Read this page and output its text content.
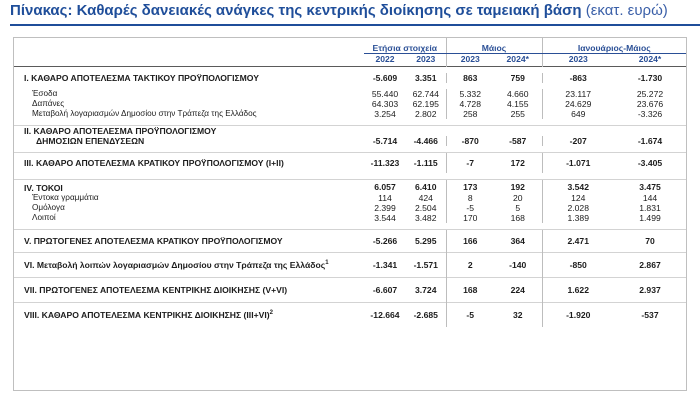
Πίνακας: Καθαρές δανειακές ανάγκες της κεντρικής διοίκησης σε ταμειακή βάση (εκατ. ευρώ)
	Ετήσια στοιχεία		Μάιος		Ιανουάριος-Μάιος	
	2022	2023	2023	2024*	2023	2024*

I. ΚΑΘΑΡΟ ΑΠΟΤΕΛΕΣΜΑ ΤΑΚΤΙΚΟΥ ΠΡΟΫΠΟΛΟΓΙΣΜΟΥ	-5.609	3.351	863	759	-863	-1.730

Έσοδα	55.440	62.744	5.332	4.660	23.117	25.272
Δαπάνες	64.303	62.195	4.728	4.155	24.629	23.676
Μεταβολή λογαριασμών Δημοσίου στην Τράπεζα της Ελλάδος	3.254	2.802	258	255	649	-3.326

II. ΚΑΘΑΡΟ ΑΠΟΤΕΛΕΣΜΑ ΠΡΟΫΠΟΛΟΓΙΣΜΟΥ						
ΔΗΜΟΣΙΩΝ ΕΠΕΝΔΥΣΕΩΝ	-5.714	-4.466	-870	-587	-207	-1.674

III. ΚΑΘΑΡΟ ΑΠΟΤΕΛΕΣΜΑ ΚΡΑΤΙΚΟΥ ΠΡΟΫΠΟΛΟΓΙΣΜΟΥ (I+II)	-11.323	-1.115	-7	172	-1.071	-3.405

IV. ΤΟΚΟΙ	6.057	6.410	173	192	3.542	3.475
Έντοκα γραμμάτια	114	424	8	20	124	144
Ομόλογα	2.399	2.504	-5	5	2.028	1.831
Λοιποί	3.544	3.482	170	168	1.389	1.499

V. ΠΡΩΤΟΓΕΝΕΣ ΑΠΟΤΕΛΕΣΜΑ ΚΡΑΤΙΚΟΥ ΠΡΟΫΠΟΛΟΓΙΣΜΟΥ	-5.266	5.295	166	364	2.471	70
VI. Μεταβολή λοιπών λογαριασμών Δημοσίου στην Τράπεζα της Ελλάδος$^1$	-1.341	-1.571	2	-140	-850	2.867
VII. ΠΡΩΤΟΓΕΝΕΣ ΑΠΟΤΕΛΕΣΜΑ ΚΕΝΤΡΙΚΗΣ ΔΙΟΙΚΗΣΗΣ (V+VI)	-6.607	3.724	168	224	1.622	2.937
VIII. ΚΑΘΑΡΟ ΑΠΟΤΕΛΕΣΜΑ ΚΕΝΤΡΙΚΗΣ ΔΙΟΙΚΗΣΗΣ $(III+VI)^2$	-12.664	-2.685	-5	32	-1.920	-537
